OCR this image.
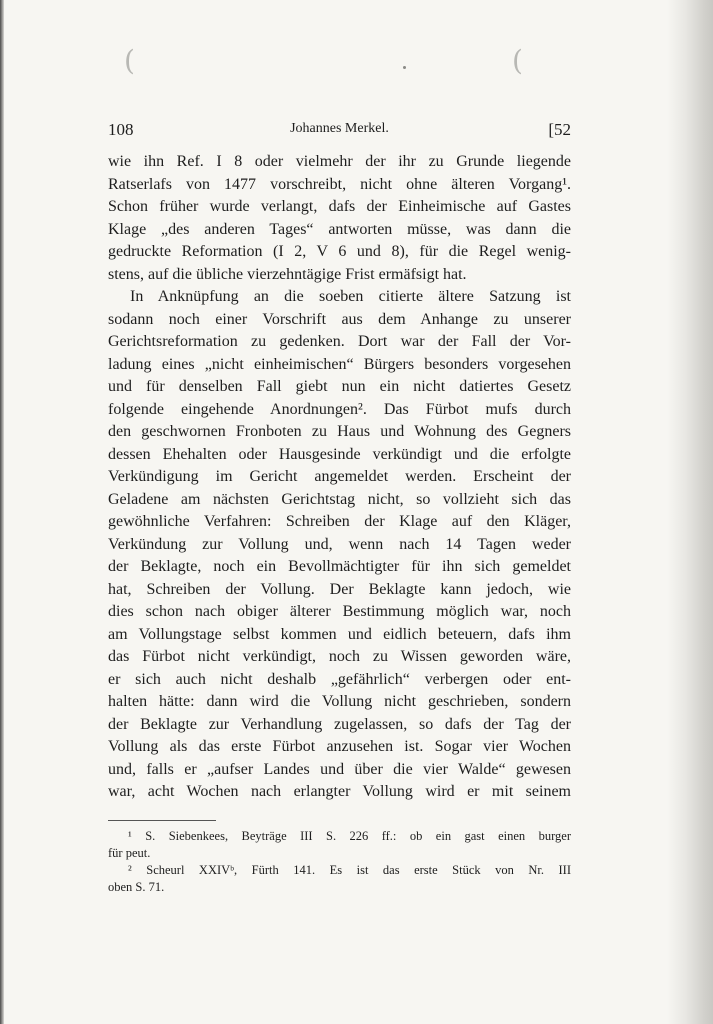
(	(
108	Johannes Merkel.	[52
wie ihn Ref. I 8 oder vielmehr der ihr zu Grunde liegende
Ratserlafs von 1477 vorschreibt, nicht ohne älteren Vorgang¹.
Schon früher wurde verlangt, dafs der Einheimische auf Gastes
Klage „des anderen Tages“ antworten müsse, was dann die
gedruckte Reformation (I 2, V 6 und 8), für die Regel wenig-
stens, auf die übliche vierzehntägige Frist ermäfsigt hat.
In Anknüpfung an die soeben citierte ältere Satzung ist
sodann noch einer Vorschrift aus dem Anhange zu unserer
Gerichtsreformation zu gedenken. Dort war der Fall der Vor-
ladung eines „nicht einheimischen“ Bürgers besonders vorgesehen
und für denselben Fall giebt nun ein nicht datiertes Gesetz
folgende eingehende Anordnungen². Das Fürbot mufs durch
den geschwornen Fronboten zu Haus und Wohnung des Gegners
dessen Ehehalten oder Hausgesinde verkündigt und die erfolgte
Verkündigung im Gericht angemeldet werden. Erscheint der
Geladene am nächsten Gerichtstag nicht, so vollzieht sich das
gewöhnliche Verfahren: Schreiben der Klage auf den Kläger,
Verkündung zur Vollung und, wenn nach 14 Tagen weder
der Beklagte, noch ein Bevollmächtigter für ihn sich gemeldet
hat, Schreiben der Vollung. Der Beklagte kann jedoch, wie
dies schon nach obiger älterer Bestimmung möglich war, noch
am Vollungstage selbst kommen und eidlich beteuern, dafs ihm
das Fürbot nicht verkündigt, noch zu Wissen geworden wäre,
er sich auch nicht deshalb „gefährlich“ verbergen oder ent-
halten hätte: dann wird die Vollung nicht geschrieben, sondern
der Beklagte zur Verhandlung zugelassen, so dafs der Tag der
Vollung als das erste Fürbot anzusehen ist. Sogar vier Wochen
und, falls er „aufser Landes und über die vier Walde“ gewesen
war, acht Wochen nach erlangter Vollung wird er mit seinem
¹ S. Siebenkees, Beyträge III S. 226 ff.: ob ein gast einen burger
für peut.
² Scheurl XXIVᵇ, Fürth 141. Es ist das erste Stück von Nr. III
oben S. 71.
